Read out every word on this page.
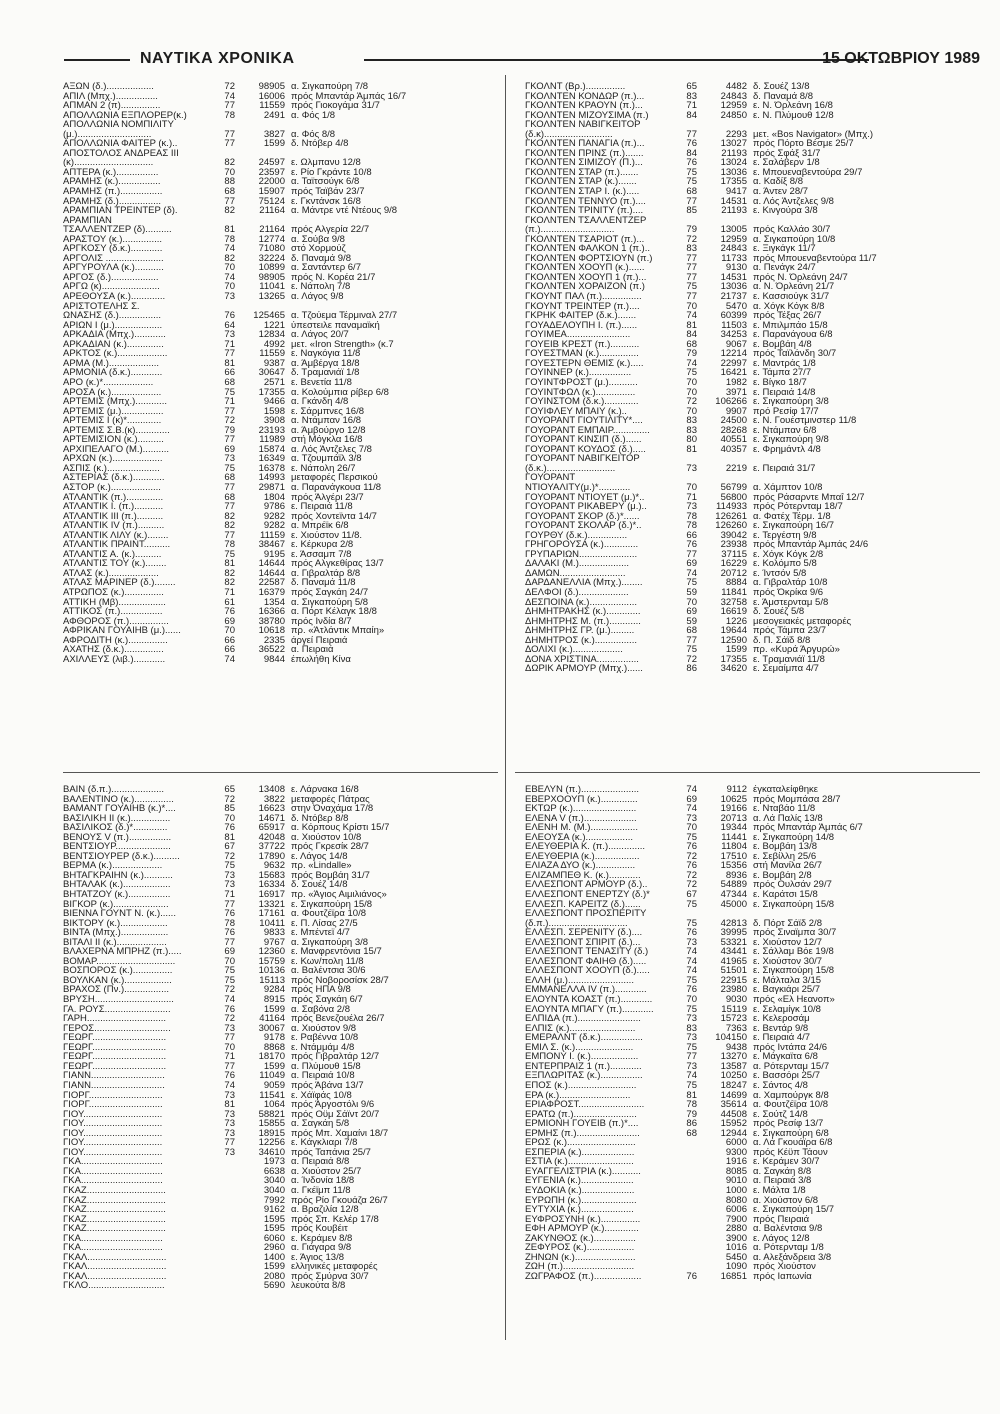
ΝΑΥΤΙΚΑ ΧΡΟΝΙΚΑ	15 ΟΚΤΩΒΡΙΟΥ 1989
ΑΞΩΝ (δ.)..................	72	98905 α. Σιγκαπούρη 7/8
ΑΠΙΛ (Μπχ.)................	74	16006 πρός Μπαντάρ Άμπάς 16/7
ΑΠΜΑΝ 2 (π)...............	77	11559 πρός Γιοκογάμα 31/7
ΑΠΟΛΛΩΝΙΑ ΕΞΠΛΟΡΕΡ(κ.)	78	2491 α. Φός 1/8
ΑΠΟΛΛΩΝΙΑ ΝΟΜΠΙΛΙΤΥ
(μ.)............................	77	3827 α. Φός 8/8
ΑΠΟΛΛΩΝΙΑ ΦΑΪΤΕΡ (κ.)..	77	1599 δ. Ντόβερ 4/8
ΑΠΟΣΤΟΛΟΣ ΑΝΔΡΕΑΣ ΙΙΙ
(κ)..............................	82	24597 ε. Ωλμπανυ 12/8
ΑΠΤΕΡΑ (κ.)................	70	23597 ε. Ρίο Γκράντε 10/8
ΑΡΑΜΗΣ (κ.)................	88	22000 α. Ταϊτσούγκ 6/8
ΑΡΑΜΗΣ (π.)................	68	15907 πρός Ταϊβάν 23/7
ΑΡΑΜΗΣ (δ.)................	77	75124 ε. Γκντάνσκ 16/8
ΑΡΑΜΠΙΑΝ ΤΡΕΪΝΤΕΡ (δ).	82	21164 α. Μάντρε ντέ Ντέους 9/8
ΑΡΑΜΠΙΑΝ
ΤΣΑΛΛΕΝΤΖΕΡ (δ)..........	81	21164 πρός Αλγερία 22/7
ΑΡΑΣΤΟΥ (κ.)...............	78	12774 α. Σούβα 9/8
ΑΡΓΚΟΣΥ (δ.κ.)............	74	71080 στό Χορμούζ
ΑΡΓΟΛΙΣ ......................	82	32224 δ. Παναμά 9/8
ΑΡΓΥΡΟΥΛΑ (κ.)...........	70	10899 α. Σαντάντερ 6/7
ΑΡΓΟΣ (δ.)..................	74	98905 πρός Ν. Κορέα 21/7
ΑΡΓΩ (κ)......................	70	11041 ε. Νάπολη 7/8
ΑΡΕΘΟΥΣΑ (κ.).............	73	13265 α. Λάγος 9/8
ΑΡΙΣΤΟΤΕΛΗΣ Σ.
ΩΝΑΣΗΣ (δ.)................	76	125465 α. Τζούεμα Τέρμιναλ 27/7
ΑΡΙΩΝ Ι (μ.)..................	64	1221 ύπεστειλε παναμαϊκή
ΑΡΚΑΔΙΑ (Μπχ.)............	73	12834 α. Λάγος 20/7
ΑΡΚΑΔΙΑΝ (κ.)..............	71	4992 μετ. «Iron Strength» (κ.7
ΑΡΚΤΟΣ (κ.)...................	77	11559 ε. Ναγκόγια 11/8
ΑΡΜΑ (Μ.)...................	81	9387 α. Άμβέργα 18/8
ΑΡΜΟΝΙΑ (δ.κ.)............	66	30647 δ. Τραμανιάϊ 1/8
ΑΡΟ (κ.)*...................	68	2571 ε. Βενετία 11/8
ΑΡΟΣΑ (κ.)...................	75	17355 α. Κολούμπια ρίβερ 6/8
ΑΡΤΕΜΙΣ (Μπχ.)............	71	9466 α. Γκάνδη 4/8
ΑΡΤΕΜΙΣ (μ.)................	77	1598 ε. Σάρμπνες 16/8
ΑΡΤΕΜΙΣ Ι (κ)*.............	72	3908 α. Ντάμπαν 16/8
ΑΡΤΕΜΙΣ Σ.Β.(κ).............	79	23193 α. Άμβούργο 12/8
ΑΡΤΕΜΙΣΙΟΝ (κ.)..........	77	11989 στή Μόγκλα 16/8
ΑΡΧΙΠΕΛΑΓΟ (Μ.)..........	69	15874 α. Λός Άντζελες 7/8
ΑΡΧΩΝ (κ.)...................	73	16349 α. Τζουμπάϊλ 3/8
ΑΣΠΙΣ (κ.)....................	75	16378 ε. Νάπολη 26/7
ΑΣΤΕΡΙΑΣ (δ.κ.)............	68	14993 μεταφορές Περσικού
ΑΣΤΟΡ (κ.)...................	77	29871 α. Παρανάγκουα 11/8
ΑΤΛΑΝΤΙΚ (π.)..............	68	1804 πρός Άλγέρι 23/7
ΑΤΛΑΝΤΙΚ Ι. (π.)...........	77	9786 ε. Πειραιά 11/8
ΑΤΛΑΝΤΙΚ ΙΙΙ (π.)..........	82	9282 πρός Χοντεϊντα 14/7
ΑΤΛΑΝΤΙΚ IV (π.)..........	82	9282 α. Μπρέϊκ 6/8
ΑΤΛΑΝΤΙΚ ΛΙΛΥ (κ.)........	77	11159 ε. Χιούστον 11/8.
ΑΤΛΑΝΤΙΚ ΠΡΑΪΝΤ..........	78	38467 ε. Κέρκυρα 2/8
ΑΤΛΑΝΤΙΣ Α. (κ.)..........	75	9195 ε. Άσσαμπ 7/8
ΑΤΛΑΝΤΙΣ ΤΟΥ (κ.)........	81	14644 πρός Αλγκεθίρας 13/7
ΑΤΛΑΣ (κ.)...................	82	14644 α. Γιβραλτάρ 8/8
ΑΤΛΑΣ ΜΑΡΙΝΕΡ (δ.)........	82	22587 δ. Παναμά 11/8
ΑΤΡΩΠΟΣ (κ.)...............	71	16379 πρός Σαγκάη 24/7
ΑΤΤΙΚΗ (Μβ)..................	61	1354 α. Σιγκαπούρη 5/8
ΑΤΤΙΚΟΣ (π.)................	76	16366 α. Πόρτ Κέλαγκ 18/8
ΑΦΘΟΡΟΣ (π.)...............	69	38780 πρός Ινδία 8/7
ΑΦΡΙΚΑΝ ΓΟΥΑΙΗΒ (μ.)......	70	10618 πρ. «Άτλάντικ Μπαίη»
ΑΦΡΟΔΙΤΗ (κ.)...............	66	2335 άργεί Πειραιά
ΑΧΑΤΗΣ (δ.κ.)...............	66	36522 α. Πειραιά
ΑΧΙΛΛΕΥΣ (λιβ.)............	74	9844 έπωλήθη Κίνα
ΓΚΟΛΝΤ (Βρ.)...............	65	4482 δ. Σουέζ 13/8
ΓΚΟΛΝΤΕΝ ΚΟΝΔΩΡ (π.)...	83	24843 δ. Παναμά 8/8
ΓΚΟΛΝΤΕΝ ΚΡΑΟΥΝ (π.)...	71	12959 ε. Ν. Όρλεάνη 16/8
ΓΚΟΛΝΤΕΝ ΜΙΖΟΥΣΙΜΑ (π.)	84	24850 ε. Ν. Πλύμουθ 12/8
ΓΚΟΛΝΤΕΝ ΝΑΒΙΓΚΕΪΤΟΡ
(δ.κ)..........................	77	2293 μετ. «Bos Navigator» (Μπχ.)
ΓΚΟΛΝΤΕΝ ΠΑΝΑΓΙΑ (π.)...	76	13027 πρός Πόρτο Βέσμε 25/7
ΓΚΟΛΝΤΕΝ ΠΡΙΝΣ (π.).......	84	21193 πρός Σφάξ 31/7
ΓΚΟΛΝΤΕΝ ΣΙΜΙΖΟΥ (Π.)...	76	13024 ε. Σαλάβερν 1/8
ΓΚΟΛΝΤΕΝ ΣΤΑΡ (π.).......	75	13036 ε. Μπουεναβεντούρα 29/7
ΓΚΟΛΝΤΕΝ ΣΤΑΡ (κ.).......	75	17355 α. Καδίξ 8/8
ΓΚΟΛΝΤΕΝ ΣΤΑΡ Ι. (κ.).....	68	9417 α. Άντεν 28/7
ΓΚΟΛΝΤΕΝ ΤΕΝΝΥΟ (π.)....	77	14531 α. Λός Άντζελες 9/8
ΓΚΟΛΝΤΕΝ ΤΡΙΝΙΤΥ (π.)....	85	21193 ε. Κινγούρα 3/8
ΓΚΟΛΝΤΕΝ ΤΣΑΛΛΕΝΤΖΕΡ
(π.)............................	79	13005 πρός Καλλάο 30/7
ΓΚΟΛΝΤΕΝ ΤΣΑΡΙΟΤ (π.)...	72	12959 α. Σιγκαπούρη 10/8
ΓΚΟΛΝΤΕΝ ΦΑΛΚΟΝ 1 (π.)..	83	24843 ε. Ξιγκάγκ 11/7
ΓΚΟΛΝΤΕΝ ΦΟΡΤΣΙΟΥΝ (π.)	77	11733 πρός Μπουεναβεντούρα 11/7
ΓΚΟΛΝΤΕΝ ΧΟΟΥΠ (κ.)......	77	9130 α. Πενάγκ 24/7
ΓΚΟΛΝΤΕΝ ΧΟΟΥΠ 1 (π.)...	77	14531 πρός Ν. Όρλεάνη 24/7
ΓΚΟΛΝΤΕΝ ΧΟΡΑΪΖΟΝ (π.)	75	13036 α. Ν. Όρλεάνη 21/7
ΓΚΟΥΝΤ ΠΑΛ (π.)...............	77	21737 ε. Κασσιούγκ 31/7
ΓΚΟΥΝΤ ΤΡΕΪΝΤΕΡ (π.)....	70	5470 α. Χόγκ Κόγκ 8/8
ΓΚΡΗΚ ΦΑΪΤΕΡ (δ.κ.).......	74	60399 πρός Τέξας 26/7
ΓΟΥΑΔΕΛΟΥΠΗ Ι. (π.)......	81	11503 ε. Μπιλμπάο 15/8
ΓΟΥΙΜΕΑ........................	84	34253 ε. Παρανάγουα 6/8
ΓΟΥΕΪΒ ΚΡΕΣΤ (π.)...........	68	9067 ε. Βομβάη 4/8
ΓΟΥΕΣΤΜΑΝ (κ.)...............	79	12214 πρός Ταϊλάνδη 30/7
ΓΟΥΕΣΤΕΡΝ ΘΕΜΙΣ (κ.).....	74	22997 ε. Μαντράς 1/8
ΓΟΥΪΝΝΕΡ (κ.)................	75	16421 ε. Τάμπα 27/7
ΓΟΥΪΝΤΦΡΟΣΤ (μ.)...........	70	1982 ε. Βίγκο 18/7
ΓΟΥΪΝΤΦΩΛ (κ.)...............	70	3971 ε. Πειραιά 14/8
ΓΟΥΪΝΣΤΟΜ (δ.κ.).............	72	106266 ε. Σιγκαπούρη 3/8
ΓΟΥΪΦΛΕΫ ΜΠΑΪΥ (κ.)..	70	9907 πρό Ρεσίφ 17/7
ΓΟΥΟΡΑΝΤ ΓΙΟΥΤΙΛΙΤΥ*....	83	24500 ε. Ν. Γουέστμινστερ 11/8
ΓΟΥΟΡΑΝΤ ΕΜΠΑΪΡ..............	83	28268 ε. Ντάμπαν 6/8
ΓΟΥΟΡΑΝΤ ΚΙΝΣΙΠ (δ.)......	80	40551 ε. Σιγκαπούρη 9/8
ΓΟΥΟΡΑΝΤ ΚΟΥΔΟΣ (δ.).....	81	40357 ε. Φρημάντλ 4/8
ΓΟΥΟΡΑΝΤ ΝΑΒΙΓΚΕΪΤΟΡ
(δ.κ.)..........................	73	2219 ε. Πειραιά 31/7
ΓΟΥΟΡΑΝΤ
ΝΤΙΟΥΑΛΙΤΥ(μ.)*............	70	56799 α. Χάμπτον 10/8
ΓΟΥΟΡΑΝΤ ΝΤΙΟΥΕΤ (μ.)*..	71	56800 πρός Ράσαρντε Μπαΐ 12/7
ΓΟΥΟΡΑΝΤ ΡΙΚΑΒΕΡΥ (μ.)..	73	114933 πρός Ρότερνταμ 18/7
ΓΟΥΟΡΑΝΤ ΣΚΟΡ (δ.)*......	78	126261 α. Φατέχ Τέρμ. 1/8
ΓΟΥΟΡΑΝΤ ΣΚΟΛΑΡ (δ.)*..	78	126260 ε. Σιγκαπούρη 16/7
ΓΟΥΡΘΥ (δ.κ.)...............	66	39042 ε. Τεργέστη 9/8
ΓΡΗΓΟΡΟΥΣΑ (κ.).............	76	23938 πρός Μπαντάρ Άμπάς 24/6
ΓΡΥΠΑΡΙΩΝ......................	77	37115 ε. Χόγκ Κόγκ 2/8
ΔΑΛΑΚΙ (Μ.)...................	69	16229 ε. Κολόμπο 5/8
ΔΑΜΩΝ.........................	74	20712 ε. Ίντσόν 5/8
ΔΑΡΔΑΝΕΛΛΙΑ (Μπχ.)........	75	8884 α. Γιβραλτάρ 10/8
ΔΕΛΦΟΙ (δ.)...................	59	11841 πρός Όκρίκα 9/6
ΔΕΣΠΟΙΝΑ (κ.)..................	70	32758 ε. Άμστερνταμ 5/8
ΔΗΜΗΤΡΑΚΗΣ (κ.).............	69	16619 δ. Σουέζ 5/8
ΔΗΜΗΤΡΗΣ Μ. (π.)............	59	1226 μεσογειακές μεταφορές
ΔΗΜΗΤΡΗΣ ΓΡ. (μ.).........	68	19644 πρός Τάμπα 23/7
ΔΗΜΗΤΡΟΣ (κ.)................	77	12590 δ. Π. Σάϊδ 8/8
ΔΟΛΙΧΙ (κ.)...................	75	1599 πρ. «Κυρά Άργυρώ»
ΔΟΝΑ ΧΡΙΣΤΙΝΑ................	72	17355 ε. Τραμανιάϊ 11/8
ΔΩΡΙΚ ΑΡΜΟΥΡ (Μπχ.)......	86	34620 ε. Σεμαίμπα 4/7
ΒΑΪΝ (δ.π.)....................	65	13408 ε. Λάρνακα 16/8
ΒΑΛΕΝΤΙΝΟ (κ.)...............	72	3822 μεταφορές Πάτρας
ΒΑΜΑΝΤ ΓΟΥΑΙΗΒ (κ.)*....	85	16623 στην Όναχάμα 17/8
ΒΑΣΙΛΙΚΗ ΙΙ (κ.)...............	70	14671 δ. Ντόβερ 8/8
ΒΑΣΙΛΙΚΟΣ (δ.)*.............	76	65917 α. Κόρπους Κρίστι 15/7
ΒΕΝΟΥΣ V (π.)................	81	42048 α. Χιούστον 10/8
ΒΕΝΤΣΙΟΥΡ.....................	67	37722 πρός Γκρεσίκ 28/7
ΒΕΝΤΣΙΟΥΡΕΡ (δ.κ.)..........	72	17890 ε. Λάγος 14/8
ΒΕΡΜΑ (κ.)...................	75	9632 πρ. «Lindalle»
ΒΗΤΑΓΚΡΑΙΗΝ (κ.)...........	73	15683 πρός Βομβάη 31/7
ΒΗΤΑΛΑΚ (κ.)..................	73	16334 δ. Σουέζ 14/8
ΒΗΤΑΤΖΟΫ (κ.)................	71	16917 πρ. «Άγιος Αιμιλιάνος»
ΒΙΓΚΟΡ (κ.).....................	77	13321 ε. Σιγκαπούρη 15/8
ΒΙΕΝΝΑ ΓΟΥΝΤ Ν. (κ.)......	76	17161 α. Φουτζέϊρα 10/8
ΒΙΚΤΟΡΥ (κ.)..................	78	10411 ε. Π. Λίσας 27/5
ΒΙΝΤΑ (Μπχ.)..................	76	9833 ε. Μπέντεϊ 4/7
ΒΙΤΑΛΙ ΙΙ (κ.)...................	77	9767 α. Σιγκαπούρη 3/8
ΒΛΑΧΕΡΝΑ ΜΠΡΗΖ (π.).....	69	12360 ε. Μανφρεντόνια 15/7
ΒΟΜΑΡ..............................	70	15759 ε. Κων/πολη 11/8
ΒΟΣΠΟΡΟΣ (κ.)...............	75	10136 α. Βαλέντσια 30/6
ΒΟΥΛΚΑΝ (κ.)..................	75	15113 πρός Νοβοροσίσκ 28/7
ΒΡΑΧΟΣ (Πν.).................	72	9284 πρός ΗΠΑ 9/8
ΒΡΥΣΗ..............................	74	8915 πρός Σαγκάη 6/7
ΓΑ. ΡΟΥΣ.........................	76	1599 α. Σαβόνα 2/8
ΓΑΡΗ..............................	72	41164 πρός Βενεζουέλα 26/7
ΓΕΡΟΣ.............................	73	30067 α. Χιούστον 9/8
ΓΕΩΡΓ............................	77	9178 ε. Ραβέννα 10/8
ΓΕΩΡΓ............................	70	8868 ε. Ντάμμάμ 4/8
ΓΕΩΡΓ............................	71	18170 πρός Γιβραλτάρ 12/7
ΓΕΩΡΓ............................	77	1599 α. Πλύμουθ 15/8
ΓΙΑΝΝ............................	76	11049 α. Πειραιά 10/8
ΓΙΑΝΝ............................	74	9059 πρός Άβάνα 13/7
ΓΙΟΡΓ............................	73	11541 ε. Χάϊφάς 10/8
ΓΙΟΡΓ............................	81	1064 πρός Άργοστόλι 9/6
ΓΙΟΥ..............................	73	58821 πρός Οϋμ Σάϊντ 20/7
ΓΙΟΥ..............................	73	15855 α. Σαγκάη 5/8
ΓΙΟΥ..............................	73	18915 πρός Μπ. Χαμαίνι 18/7
ΓΙΟΥ..............................	77	12256 ε. Κάγκλιαρι 7/8
ΓΙΟΥ..............................	73	34610 πρός Ταπάνια 25/7
ΓΚΑ...............................	1973 α. Πειραιά 8/8
ΓΚΑ...............................	6638 α. Χιούστον 25/7
ΓΚΑ...............................	3040 α. Ίνδονία 18/8
ΓΚΑΖ..............................	3040 α. Γκέϊμπ 11/8
ΓΚΑΖ..............................	7992 πρός Ρίο Γκουάζα 26/7
ΓΚΑΖ..............................	9162 α. Βραζιλία 12/8
ΓΚΑΖ..............................	1595 πρός Σπ. Κελέρ 17/8
ΓΚΑΖ..............................	1595 πρός Κουβέιτ
ΓΚΑ...............................	6060 ε. Κεράμεν 8/8
ΓΚΑ...............................	2960 α. Γιάγαρα 9/8
ΓΚΑΛ..............................	1400 ε. Άγιος 13/8
ΓΚΑΛ..............................	1599 ελληνικές μεταφορές
ΓΚΑΛ..............................	2080 πρός Σμύρνα 30/7
ΓΚΛΟ.............................	5690 λευκούτα 8/8
ΕΒΕΛΥΝ (π.)......................	74	9112 έγκαταλείφθηκε
ΕΒΕΡΧΟΟΥΠ (κ.)..............	69	10625 πρός Μομπάσα 28/7
ΕΚΤΩΡ (κ.)........................	74	19166 ε. Νταβάο 11/8
ΕΛΕΝΑ V (π.)....................	73	20713 α. Λά Παλίς 13/8
ΕΛΕΝΗ Μ. (Μ.)..................	70	19344 πρός Μπαντάρ Άμπάς 6/7
ΕΛΕΟΥΣΑ (κ.)..................	75	11441 ε. Σιγκαπούρη 14/8
ΕΛΕΥΘΕΡΙΑ Κ. (π.)..............	76	11804 ε. Βομβάη 13/8
ΕΛΕΥΘΕΡΙΑ (κ.).................	72	17510 ε. Σεβίλλη 25/6
ΕΛΙΑΖΑ ΔΥΟ (κ.)...............	76	15356 στή Μανίλα 26/7
ΕΛΙΖΑΜΠΕΘ Κ. (κ.)............	72	8936 ε. Βομβάη 2/8
ΕΛΛΕΣΠΟΝΤ ΑΡΜΟΥΡ (δ.)..	72	54889 πρός Ουλσάν 29/7
ΕΛΛΕΣΠΟΝΤ ΕΝΕΡΤΖΥ (δ.)*	67	47344 ε. Καράτσι 15/8
ΕΛΛΕΣΠ. ΚΑΡΕΪΤΖ (δ.)......	75	45000 ε. Σιγκαπούρη 15/8
ΕΛΛΕΣΠΟΝΤ ΠΡΟΣΠΕΡΙΤΥ
(δ.π.)..............................	75	42813 δ. Πόρτ Σάϊδ 2/8
ΕΛΛΕΣΠ. ΣΕΡΕΝΙΤΥ (δ.)....	76	39995 πρός Σιναϊμπα 30/7
ΕΛΛΕΣΠΟΝΤ ΣΠΙΡΙΤ (δ.)...	73	53321 ε. Χιούστον 12/7
ΕΛΛΕΣΠΟΝΤ ΤΕΝΑΣΙΤΥ (δ.)	74	43441 ε. Σάλλαμ Βόε 19/8
ΕΛΛΕΣΠΟΝΤ ΦΑΙΗΘ (δ.).....	74	41965 ε. Χιούστον 30/7
ΕΛΛΕΣΠΟΝΤ ΧΟΟΥΠ (δ.).....	74	51501 ε. Σιγκαπούρη 15/8
ΕΛΛΗ (μ.).........................	75	22915 ε. Μάλταλα 3/15
ΕΜΜΑΝΕΛΛΑ IV (π.)............	76	23980 ε. Βαγκιάρι 25/7
ΕΛΟΥΝΤΑ ΚΟΑΣΤ (π.)............	70	9030 πρός «Ελ Ηεανοπ»
ΕΛΟΥΝΤΑ ΜΠΑΓΥ (π.)............	75	15119 ε. Σελαμίγκ 10/8
ΕΛΠΙΔΑ (π.)........................	73	15723 ε. Κελεροσάμ
ΕΛΠΙΣ (κ.).........................	83	7363 ε. Βεντάρ 9/8
ΕΜΕΡΑΛΝΤ (δ.κ.)................	73	104150 ε. Πειραιά 4/7
ΕΜΙΛ Σ. (κ.)......................	75	9438 πρός Ιντάπα 24/6
ΕΜΠΟΝΥ Ι. (κ.)..................	77	13270 ε. Μάγκαϊτα 6/8
ΕΝΤΕΡΠΡΑΪΖ 1 (π.)............	73	13587 α. Ρότερνταμ 15/7
ΕΞΠΛΩΡΙΤΑΣ (κ.)................	74	10250 ε. Βασσόρι 25/7
ΕΠΟΣ (κ.)..........................	75	18247 ε. Σάντος 4/8
ΕΡΑ (κ.)...........................	81	14699 α. Χαμπούργκ 8/8
ΕΡΙΑΦΡΟΣΤ.........................	78	35614 α. Φουτζέϊρα 10/8
ΕΡΑΤΩ (π.)........................	79	44508 ε. Σούτζ 14/8
ΕΡΜΙΟΝΗ ΓΟΥΕΪΒ (π.)*....	86	15952 πρός Ρεσίφ 13/7
ΕΡΜΗΣ (π.)........................	68	12944 ε. Σιγκαπούρη 6/8
ΕΡΩΣ (κ.)..........................	6000 α. Λά Γκουάϊρα 6/8
ΕΣΠΕΡΙΑ (κ.)....................	9300 πρός Κέϋπ Τάουν
ΕΣΤΙΑ (κ.).........................	1916 ε. Κεράμεν 30/7
ΕΥΑΓΓΕΛΙΣΤΡΙΑ (κ.)...........	8085 α. Σαγκάη 8/8
ΕΥΓΕΝΙΑ (κ.)....................	9010 α. Πειραιά 3/8
ΕΥΔΟΚΙΑ (κ.)....................	1000 ε. Μάλτα 1/8
ΕΥΡΩΠΗ (κ.).....................	8080 α. Χιούστον 6/8
ΕΥΤΥΧΙΑ (κ.)....................	6006 ε. Σιγκαπούρη 15/7
ΕΥΦΡΟΣΥΝΗ (κ.)...............	7900 πρός Πειραιά
ΕΦΗ ΑΡΜΟΥΡ (κ.).............	2880 α. Βαλέντσια 9/8
ΖΑΚΥΝΘΟΣ (κ.)................	3900 ε. Λάγος 12/8
ΖΕΦΥΡΟΣ (κ.)..................	1016 α. Ρότερνταμ 1/8
ΖΗΝΩΝ (κ.).......................	5450 α. Αλεξάνδρεια 3/8
ΖΩΗ (π.)...........................	1090 πρός Χιούστον
ΖΩΓΡΑΦΟΣ (π.)..................	76	16851 πρός Ιαπωνία
